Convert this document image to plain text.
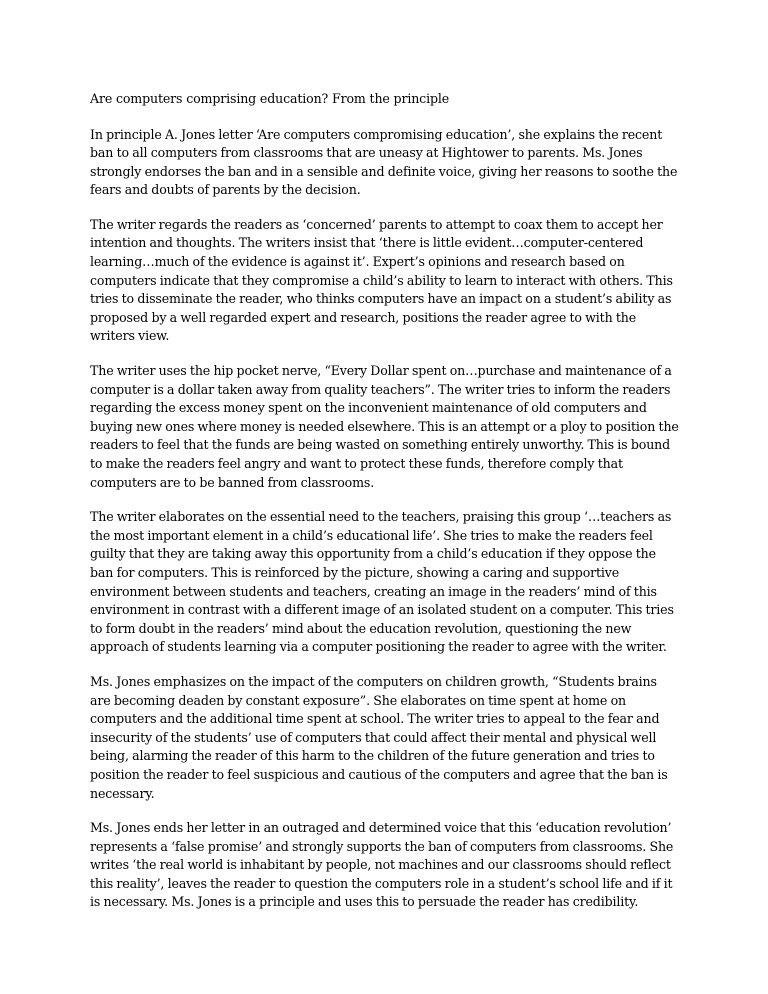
Are computers comprising education? From the principle

In principle A. Jones letter ‘Are computers compromising education’, she explains the recent ban to all computers from classrooms that are uneasy at Hightower to parents. Ms. Jones strongly endorses the ban and in a sensible and definite voice, giving her reasons to soothe the fears and doubts of parents by the decision.

The writer regards the readers as ‘concerned’ parents to attempt to coax them to accept her intention and thoughts. The writers insist that ‘there is little evident…computer-centered learning…much of the evidence is against it’. Expert’s opinions and research based on computers indicate that they compromise a child’s ability to learn to interact with others. This tries to disseminate the reader, who thinks computers have an impact on a student’s ability as proposed by a well regarded expert and research, positions the reader agree to with the writers view.

The writer uses the hip pocket nerve, “Every Dollar spent on…purchase and maintenance of a computer is a dollar taken away from quality teachers”. The writer tries to inform the readers regarding the excess money spent on the inconvenient maintenance of old computers and buying new ones where money is needed elsewhere. This is an attempt or a ploy to position the readers to feel that the funds are being wasted on something entirely unworthy. This is bound to make the readers feel angry and want to protect these funds, therefore comply that computers are to be banned from classrooms.

The writer elaborates on the essential need to the teachers, praising this group ‘…teachers as the most important element in a child’s educational life’. She tries to make the readers feel guilty that they are taking away this opportunity from a child’s education if they oppose the ban for computers. This is reinforced by the picture, showing a caring and supportive environment between students and teachers, creating an image in the readers’ mind of this environment in contrast with a different image of an isolated student on a computer. This tries to form doubt in the readers’ mind about the education revolution, questioning the new approach of students learning via a computer positioning the reader to agree with the writer.

Ms. Jones emphasizes on the impact of the computers on children growth, “Students brains are becoming deaden by constant exposure”. She elaborates on time spent at home on computers and the additional time spent at school. The writer tries to appeal to the fear and insecurity of the students’ use of computers that could affect their mental and physical well being, alarming the reader of this harm to the children of the future generation and tries to position the reader to feel suspicious and cautious of the computers and agree that the ban is necessary.

Ms. Jones ends her letter in an outraged and determined voice that this ‘education revolution’ represents a ‘false promise’ and strongly supports the ban of computers from classrooms. She writes ‘the real world is inhabitant by people, not machines and our classrooms should reflect this reality’, leaves the reader to question the computers role in a student’s school life and if it is necessary. Ms. Jones is a principle and uses this to persuade the reader has credibility.
